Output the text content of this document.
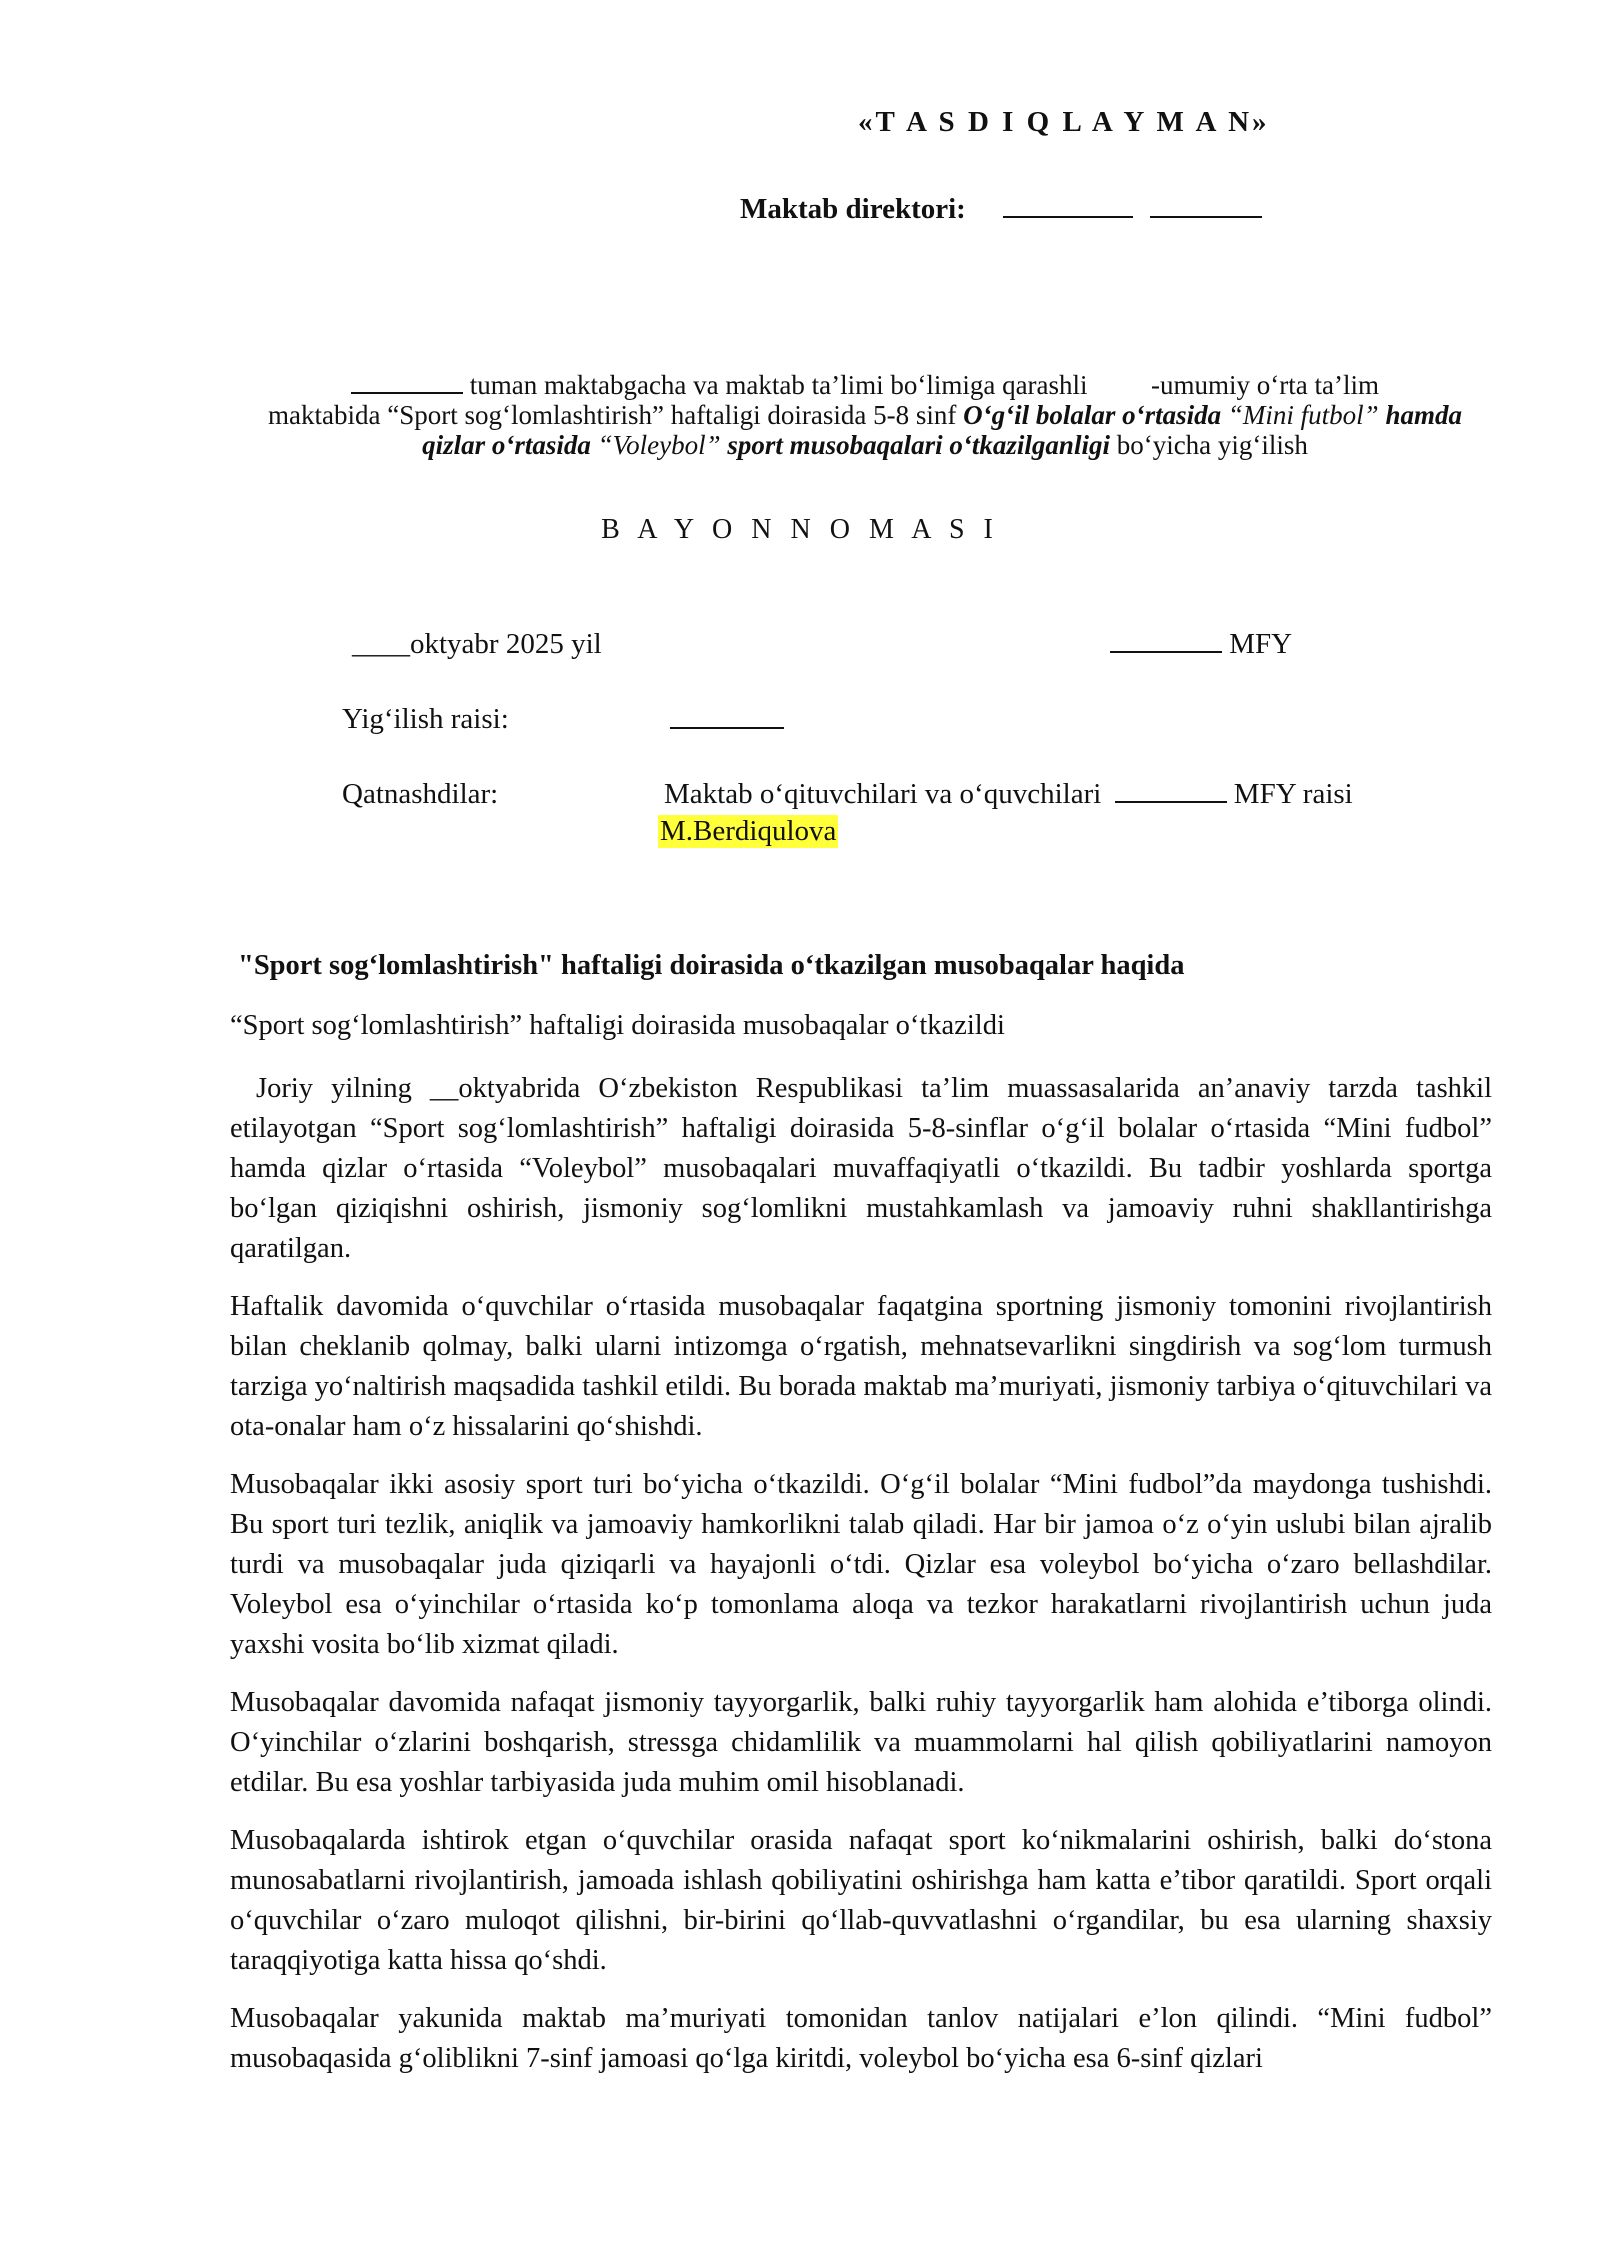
«T A S D I Q L A Y M A N»
Maktab direktori:
tuman maktabgacha va maktab ta’limi bo‘limiga qarashli -umumiy o‘rta ta’lim
maktabida “Sport sog‘lomlashtirish” haftaligi doirasida 5-8 sinf O‘g‘il bolalar o‘rtasida “Mini futbol” hamda qizlar o‘rtasida “Voleybol” sport musobaqalari o‘tkazilganligi bo‘yicha yig‘ilish
B A Y O N N O M A S I
____oktyabr 2025 yil	MFY
Yig‘ilish raisi:
Qatnashdilar:	Maktab o‘qituvchilari va o‘quvchilari	MFY raisi
M.Berdiqulova
"Sport sog‘lomlashtirish" haftaligi doirasida o‘tkazilgan musobaqalar haqida
“Sport sog‘lomlashtirish” haftaligi doirasida musobaqalar o‘tkazildi

Joriy yilning __oktyabrida O‘zbekiston Respublikasi ta’lim muassasalarida an’anaviy tarzda tashkil etilayotgan “Sport sog‘lomlashtirish” haftaligi doirasida 5-8-sinflar o‘g‘il bolalar o‘rtasida “Mini fudbol” hamda qizlar o‘rtasida “Voleybol” musobaqalari muvaffaqiyatli o‘tkazildi. Bu tadbir yoshlarda sportga bo‘lgan qiziqishni oshirish, jismoniy sog‘lomlikni mustahkamlash va jamoaviy ruhni shakllantirishga qaratilgan.

Haftalik davomida o‘quvchilar o‘rtasida musobaqalar faqatgina sportning jismoniy tomonini rivojlantirish bilan cheklanib qolmay, balki ularni intizomga o‘rgatish, mehnatsevarlikni singdirish va sog‘lom turmush tarziga yo‘naltirish maqsadida tashkil etildi. Bu borada maktab ma’muriyati, jismoniy tarbiya o‘qituvchilari va ota-onalar ham o‘z hissalarini qo‘shishdi.

Musobaqalar ikki asosiy sport turi bo‘yicha o‘tkazildi. O‘g‘il bolalar “Mini fudbol”da maydonga tushishdi. Bu sport turi tezlik, aniqlik va jamoaviy hamkorlikni talab qiladi. Har bir jamoa o‘z o‘yin uslubi bilan ajralib turdi va musobaqalar juda qiziqarli va hayajonli o‘tdi. Qizlar esa voleybol bo‘yicha o‘zaro bellashdilar. Voleybol esa o‘yinchilar o‘rtasida ko‘p tomonlama aloqa va tezkor harakatlarni rivojlantirish uchun juda yaxshi vosita bo‘lib xizmat qiladi.

Musobaqalar davomida nafaqat jismoniy tayyorgarlik, balki ruhiy tayyorgarlik ham alohida e’tiborga olindi. O‘yinchilar o‘zlarini boshqarish, stressga chidamlilik va muammolarni hal qilish qobiliyatlarini namoyon etdilar. Bu esa yoshlar tarbiyasida juda muhim omil hisoblanadi.

Musobaqalarda ishtirok etgan o‘quvchilar orasida nafaqat sport ko‘nikmalarini oshirish, balki do‘stona munosabatlarni rivojlantirish, jamoada ishlash qobiliyatini oshirishga ham katta e’tibor qaratildi. Sport orqali o‘quvchilar o‘zaro muloqot qilishni, bir-birini qo‘llab-quvvatlashni o‘rgandilar, bu esa ularning shaxsiy taraqqiyotiga katta hissa qo‘shdi.

Musobaqalar yakunida maktab ma’muriyati tomonidan tanlov natijalari e’lon qilindi. “Mini fudbol” musobaqasida g‘oliblikni 7-sinf jamoasi qo‘lga kiritdi, voleybol bo‘yicha esa 6-sinf qizlari
